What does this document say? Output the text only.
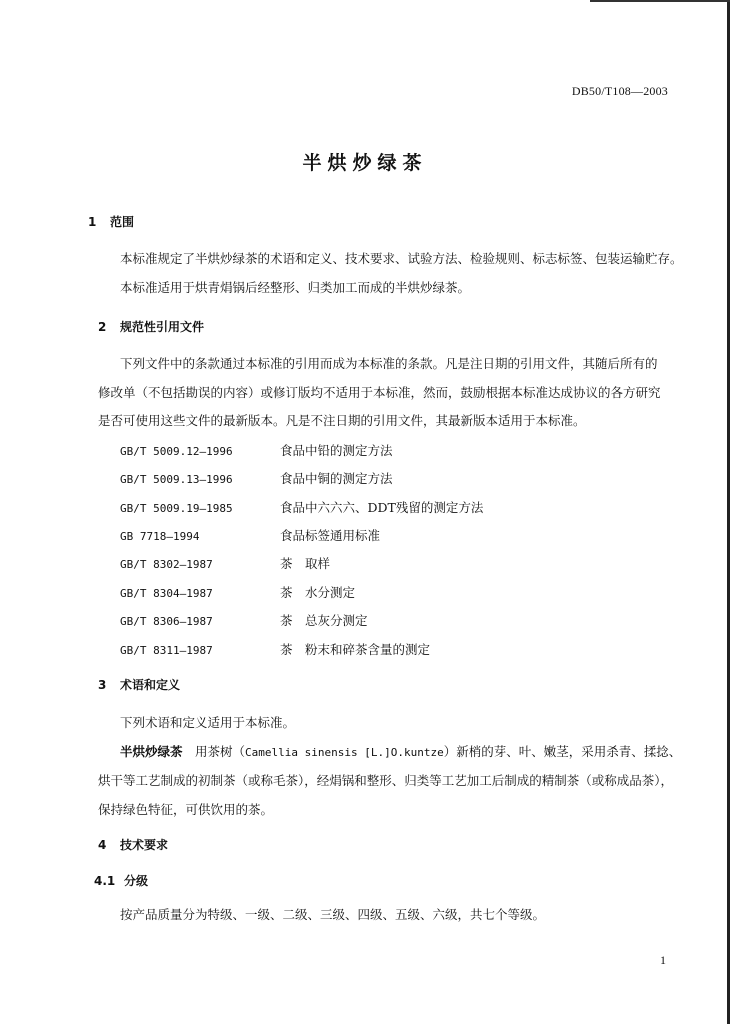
DB50/T108—2003
半烘炒绿茶
1 范围
本标准规定了半烘炒绿茶的术语和定义、技术要求、试验方法、检验规则、标志标签、包装运输贮存。
本标准适用于烘青焆锅后经整形、归类加工而成的半烘炒绿茶。
2 规范性引用文件
下列文件中的条款通过本标准的引用而成为本标准的条款。凡是注日期的引用文件，其随后所有的
修改单（不包括勘误的内容）或修订版均不适用于本标准，然而，鼓励根据本标准达成协议的各方研究
是否可使用这些文件的最新版本。凡是不注日期的引用文件，其最新版本适用于本标准。
GB/T 5009.12—1996	食品中铅的测定方法
GB/T 5009.13—1996	食品中铜的测定方法
GB/T 5009.19—1985	食品中六六六、DDT残留的测定方法
GB 7718—1994	食品标签通用标准
GB/T 8302—1987	茶　取样
GB/T 8304—1987	茶　水分测定
GB/T 8306—1987	茶　总灰分测定
GB/T 8311—1987	茶　粉末和碎茶含量的测定
3 术语和定义
下列术语和定义适用于本标准。
半烘炒绿茶　用茶树（Camellia sinensis [L.]O.kuntze）新梢的芽、叶、嫩茎，采用杀青、揉捻、
烘干等工艺制成的初制茶（或称毛茶），经焆锅和整形、归类等工艺加工后制成的精制茶（或称成品茶），
保持绿色特征，可供饮用的茶。
4 技术要求
4.1 分级
按产品质量分为特级、一级、二级、三级、四级、五级、六级，共七个等级。
1
